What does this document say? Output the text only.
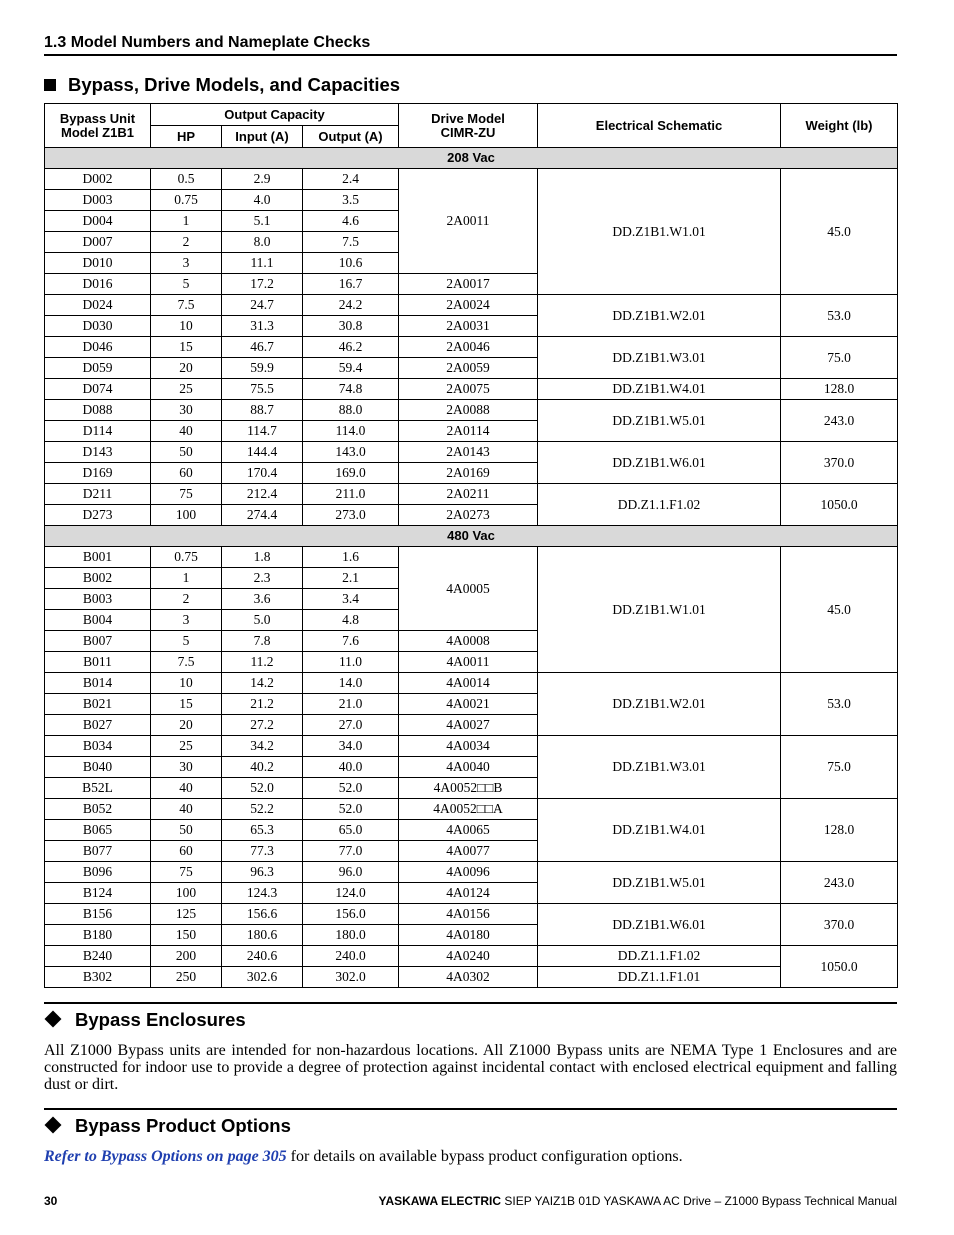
1.3 Model Numbers and Nameplate Checks
Bypass, Drive Models, and Capacities
Bypass Unit Model Z1B1	Output Capacity			Drive Model CIMR-ZU	Electrical Schematic	Weight (lb)
	HP	Input (A)	Output (A)			
208 Vac						
D002	0.5	2.9	2.4	2A0011	DD.Z1B1.W1.01	45.0
D003	0.75	4.0	3.5			
D004	1	5.1	4.6			
D007	2	8.0	7.5			
D010	3	11.1	10.6			
D016	5	17.2	16.7	2A0017		
D024	7.5	24.7	24.2	2A0024	DD.Z1B1.W2.01	53.0
D030	10	31.3	30.8	2A0031		
D046	15	46.7	46.2	2A0046	DD.Z1B1.W3.01	75.0
D059	20	59.9	59.4	2A0059		
D074	25	75.5	74.8	2A0075	DD.Z1B1.W4.01	128.0
D088	30	88.7	88.0	2A0088	DD.Z1B1.W5.01	243.0
D114	40	114.7	114.0	2A0114		
D143	50	144.4	143.0	2A0143	DD.Z1B1.W6.01	370.0
D169	60	170.4	169.0	2A0169		
D211	75	212.4	211.0	2A0211	DD.Z1.1.F1.02	1050.0
D273	100	274.4	273.0	2A0273		
480 Vac						
B001	0.75	1.8	1.6	4A0005	DD.Z1B1.W1.01	45.0
B002	1	2.3	2.1			
B003	2	3.6	3.4			
B004	3	5.0	4.8			
B007	5	7.8	7.6	4A0008		
B011	7.5	11.2	11.0	4A0011		
B014	10	14.2	14.0	4A0014	DD.Z1B1.W2.01	53.0
B021	15	21.2	21.0	4A0021		
B027	20	27.2	27.0	4A0027		
B034	25	34.2	34.0	4A0034	DD.Z1B1.W3.01	75.0
B040	30	40.2	40.0	4A0040		
B52L	40	52.0	52.0	4A0052□□B		
B052	40	52.2	52.0	4A0052□□A	DD.Z1B1.W4.01	128.0
B065	50	65.3	65.0	4A0065		
B077	60	77.3	77.0	4A0077		
B096	75	96.3	96.0	4A0096	DD.Z1B1.W5.01	243.0
B124	100	124.3	124.0	4A0124		
B156	125	156.6	156.0	4A0156	DD.Z1B1.W6.01	370.0
B180	150	180.6	180.0	4A0180		
B240	200	240.6	240.0	4A0240	DD.Z1.1.F1.02	1050.0
B302	250	302.6	302.0	4A0302	DD.Z1.1.F1.01	
Bypass Enclosures
All Z1000 Bypass units are intended for non-hazardous locations. All Z1000 Bypass units are NEMA Type 1 Enclosures and are constructed for indoor use to provide a degree of protection against incidental contact with enclosed electrical equipment and falling dust or dirt.
Bypass Product Options
Refer to Bypass Options on page 305 for details on available bypass product configuration options.
30	YASKAWA ELECTRIC SIEP YAIZ1B 01D YASKAWA AC Drive – Z1000 Bypass Technical Manual
